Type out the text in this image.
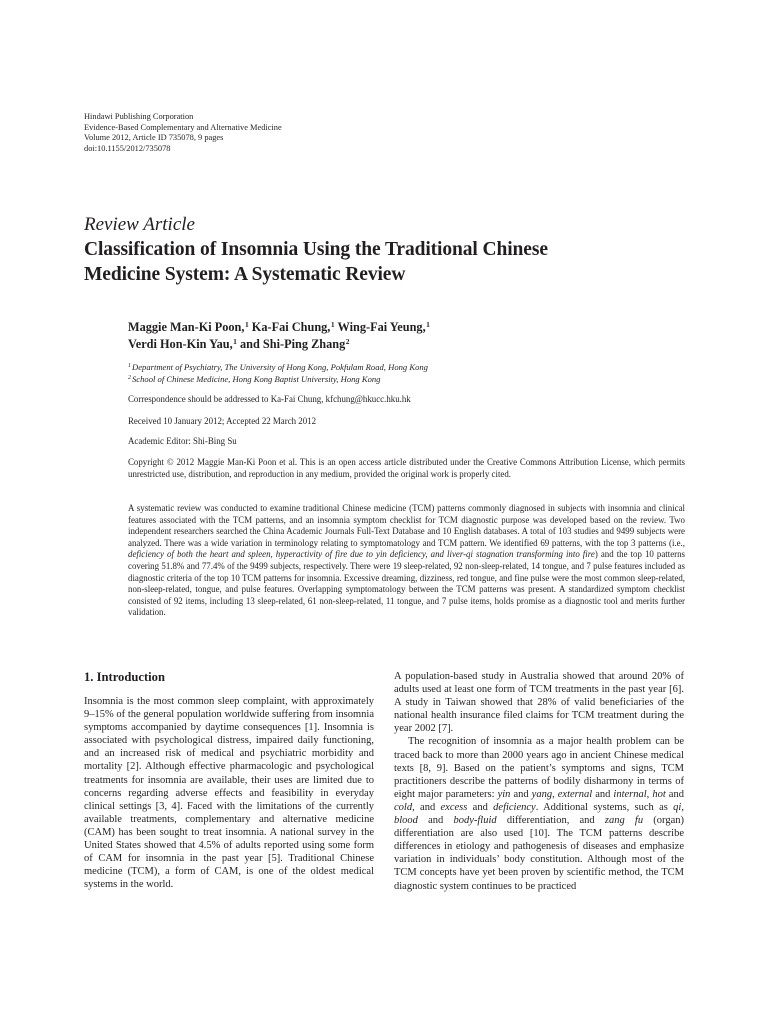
Hindawi Publishing Corporation
Evidence-Based Complementary and Alternative Medicine
Volume 2012, Article ID 735078, 9 pages
doi:10.1155/2012/735078
Review Article
Classification of Insomnia Using the Traditional Chinese
Medicine System: A Systematic Review
Maggie Man-Ki Poon,$^1$ Ka-Fai Chung,$^1$ Wing-Fai Yeung,$^1$
Verdi Hon-Kin Yau,$^1$ and Shi-Ping Zhang$^2$
$^1$Department of Psychiatry, The University of Hong Kong, Pokfulam Road, Hong Kong
$^2$School of Chinese Medicine, Hong Kong Baptist University, Hong Kong
Correspondence should be addressed to Ka-Fai Chung, kfchung@hkucc.hku.hk
Received 10 January 2012; Accepted 22 March 2012
Academic Editor: Shi-Bing Su
Copyright © 2012 Maggie Man-Ki Poon et al. This is an open access article distributed under the Creative Commons Attribution License, which permits unrestricted use, distribution, and reproduction in any medium, provided the original work is properly cited.
A systematic review was conducted to examine traditional Chinese medicine (TCM) patterns commonly diagnosed in subjects with insomnia and clinical features associated with the TCM patterns, and an insomnia symptom checklist for TCM diagnostic purpose was developed based on the review. Two independent researchers searched the China Academic Journals Full-Text Database and 10 English databases. A total of 103 studies and 9499 subjects were analyzed. There was a wide variation in terminology relating to symptomatology and TCM pattern. We identified 69 patterns, with the top 3 patterns (i.e., deficiency of both the heart and spleen, hyperactivity of fire due to yin deficiency, and liver-qi stagnation transforming into fire) and the top 10 patterns covering 51.8% and 77.4% of the 9499 subjects, respectively. There were 19 sleep-related, 92 non-sleep-related, 14 tongue, and 7 pulse features included as diagnostic criteria of the top 10 TCM patterns for insomnia. Excessive dreaming, dizziness, red tongue, and fine pulse were the most common sleep-related, non-sleep-related, tongue, and pulse features. Overlapping symptomatology between the TCM patterns was present. A standardized symptom checklist consisted of 92 items, including 13 sleep-related, 61 non-sleep-related, 11 tongue, and 7 pulse items, holds promise as a diagnostic tool and merits further validation.
1. Introduction

Insomnia is the most common sleep complaint, with approximately 9–15% of the general population worldwide suffering from insomnia symptoms accompanied by daytime consequences [1]. Insomnia is associated with psychological distress, impaired daily functioning, and an increased risk of medical and psychiatric morbidity and mortality [2]. Although effective pharmacologic and psychological treatments for insomnia are available, their uses are limited due to concerns regarding adverse effects and feasibility in everyday clinical settings [3, 4]. Faced with the limitations of the currently available treatments, complementary and alternative medicine (CAM) has been sought to treat insomnia. A national survey in the United States showed that 4.5% of adults reported using some form of CAM for insomnia in the past year [5]. Traditional Chinese medicine (TCM), a form of CAM, is one of the oldest medical systems in the world.

A population-based study in Australia showed that around 20% of adults used at least one form of TCM treatments in the past year [6]. A study in Taiwan showed that 28% of valid beneficiaries of the national health insurance filed claims for TCM treatment during the year 2002 [7].

The recognition of insomnia as a major health problem can be traced back to more than 2000 years ago in ancient Chinese medical texts [8, 9]. Based on the patient’s symptoms and signs, TCM practitioners describe the patterns of bodily disharmony in terms of eight major parameters: yin and yang, external and internal, hot and cold, and excess and deficiency. Additional systems, such as qi, blood and body-fluid differentiation, and zang fu (organ) differentiation are also used [10]. The TCM patterns describe differences in etiology and pathogenesis of diseases and emphasize variation in individuals’ body constitution. Although most of the TCM concepts have yet been proven by scientific method, the TCM diagnostic system continues to be practiced
